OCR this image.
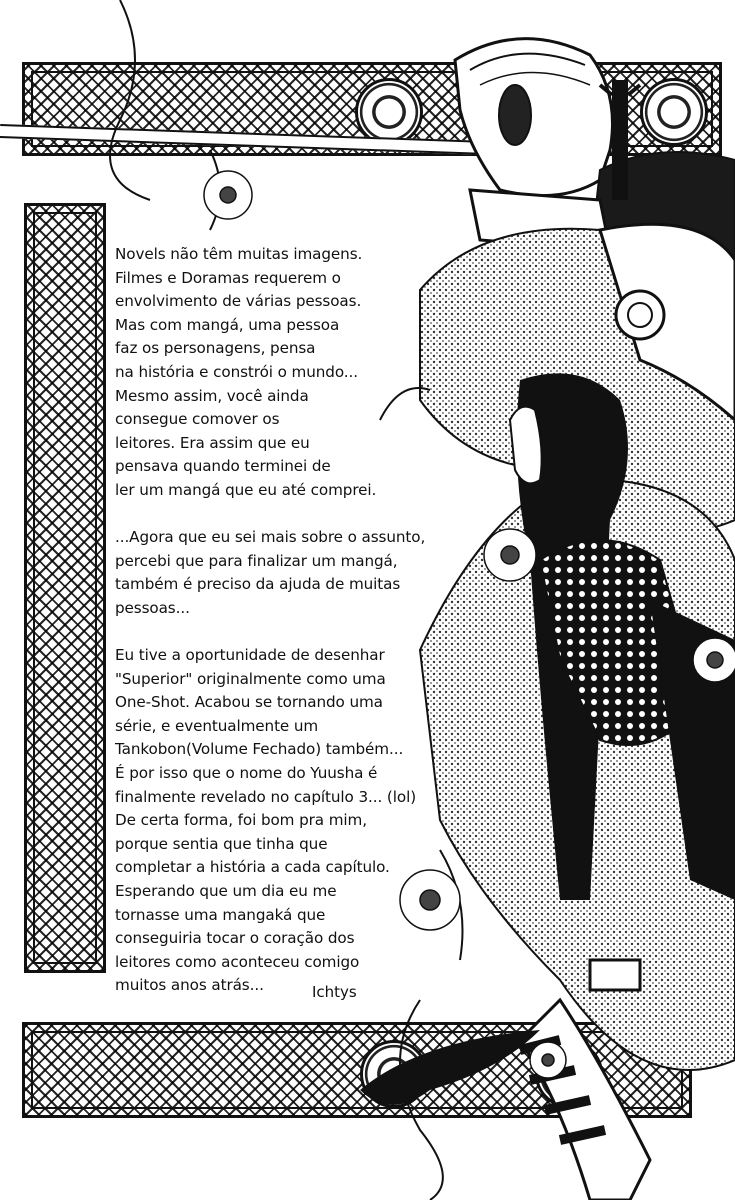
Novels não têm muitas imagens.
Filmes e Doramas requerem o
envolvimento de várias pessoas.
Mas com mangá, uma pessoa
faz os personagens, pensa
na história e constrói o mundo...
Mesmo assim, você ainda
consegue comover os
leitores. Era assim que eu
pensava quando terminei de
ler um mangá que eu até comprei.

...Agora que eu sei mais sobre o assunto,
percebi que para finalizar um mangá,
também é preciso da ajuda de muitas
pessoas...

Eu tive a oportunidade de desenhar
"Superior" originalmente como uma
One-Shot. Acabou se tornando uma
série, e eventualmente um
Tankobon(Volume Fechado) também...
É por isso que o nome do Yuusha é
finalmente revelado no capítulo 3... (lol)
De certa forma, foi bom pra mim,
porque sentia que tinha que
completar a história a cada capítulo.
Esperando que um dia eu me
tornasse uma mangaká que
conseguiria tocar o coração dos
leitores como aconteceu comigo
muitos anos atrás...	Ichtys
